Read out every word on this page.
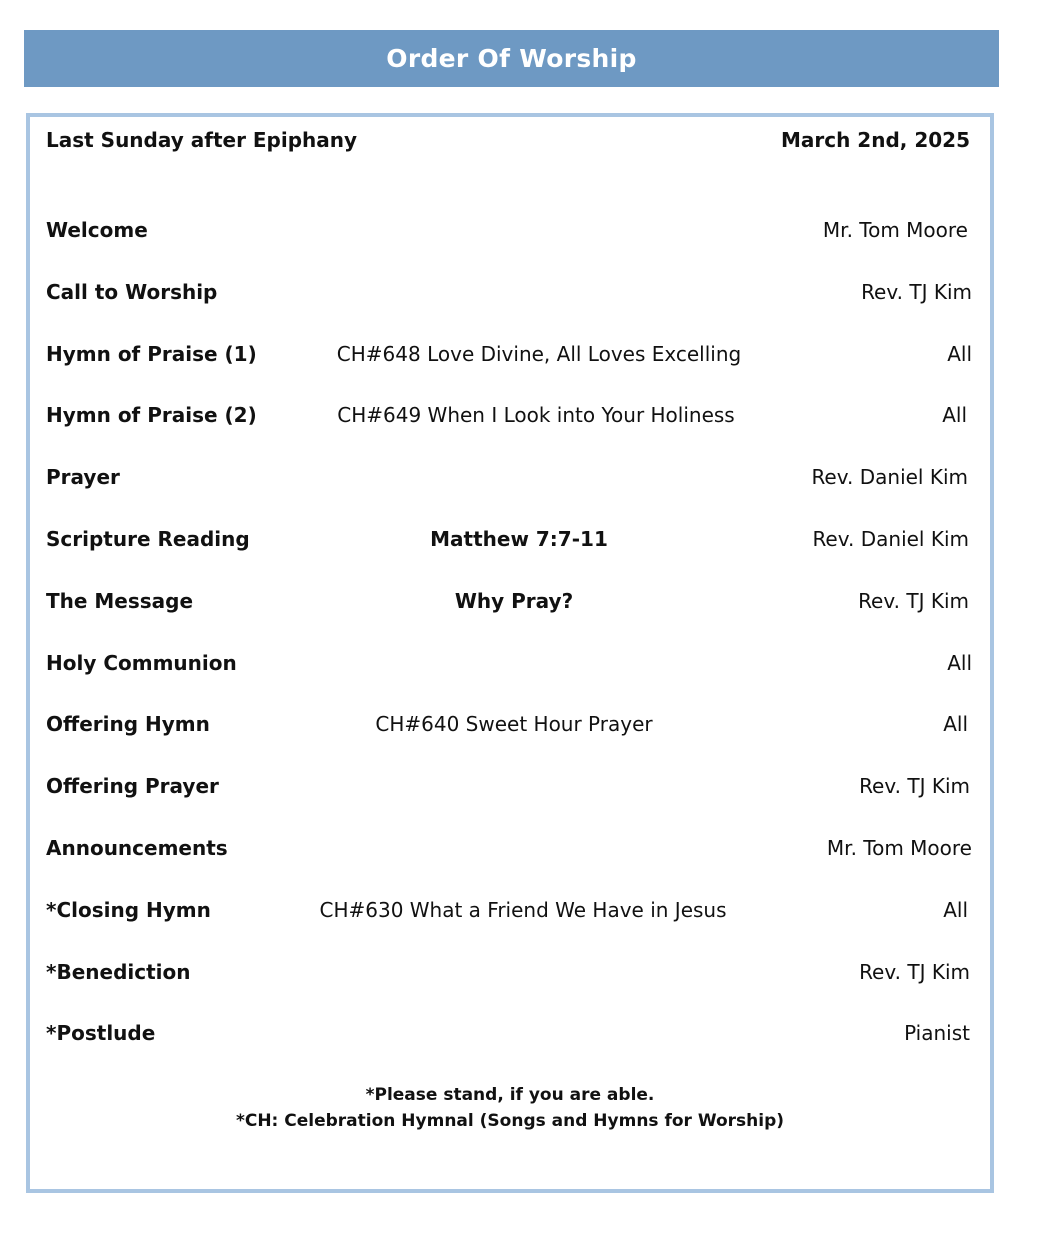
Order Of Worship
Last Sunday after Epiphany	March 2nd, 2025
Welcome	Mr. Tom Moore
Call to Worship	Rev. TJ Kim
Hymn of Praise (1)	CH#648 Love Divine, All Loves Excelling	All
Hymn of Praise (2)	CH#649 When I Look into Your Holiness	All
Prayer	Rev. Daniel Kim
Scripture Reading	Matthew 7:7-11	Rev. Daniel Kim
The Message	Why Pray?	Rev. TJ Kim
Holy Communion	All
Offering Hymn	CH#640 Sweet Hour Prayer	All
Offering Prayer	Rev. TJ Kim
Announcements	Mr. Tom Moore
*Closing Hymn	CH#630 What a Friend We Have in Jesus	All
*Benediction	Rev. TJ Kim
*Postlude	Pianist
*Please stand, if you are able.
*CH: Celebration Hymnal (Songs and Hymns for Worship)
